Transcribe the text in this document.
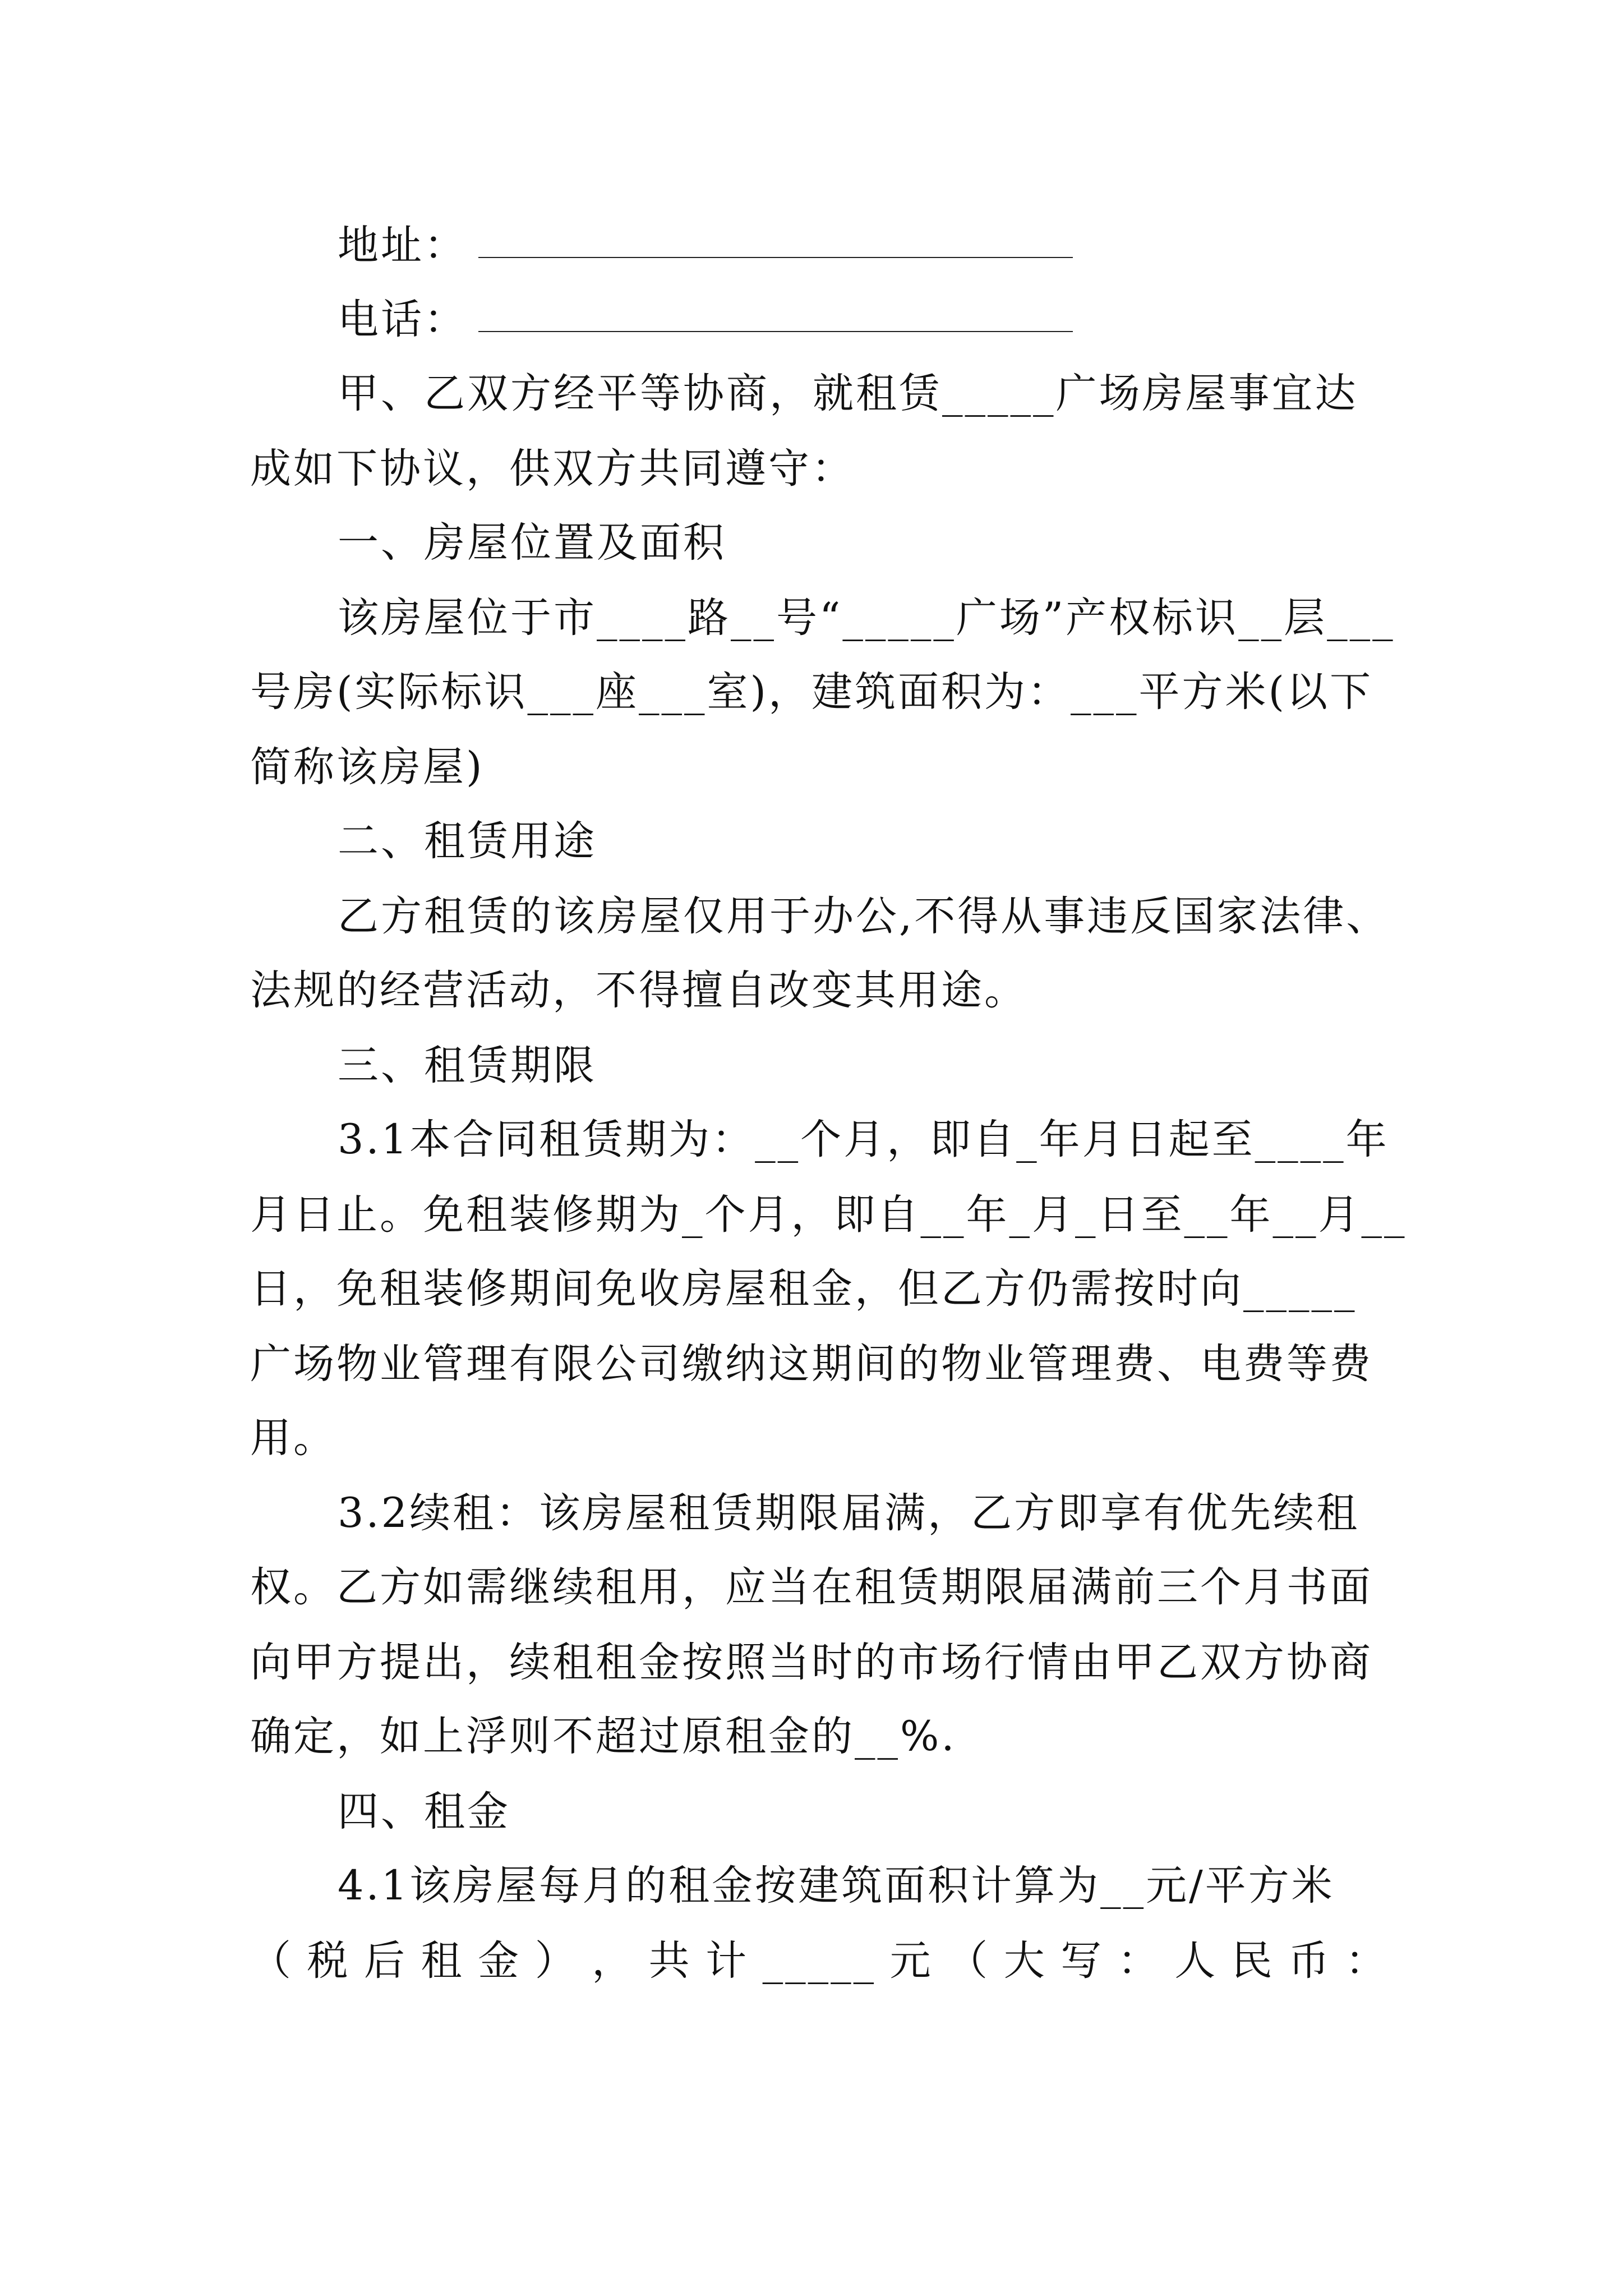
地址：
电话：
甲、乙双方经平等协商，就租赁_____广场房屋事宜达
成如下协议，供双方共同遵守：
一、房屋位置及面积
该房屋位于市____路__号“_____广场”产权标识__层___
号房(实际标识___座___室)，建筑面积为：___平方米(以下
简称该房屋)
二、租赁用途
乙方租赁的该房屋仅用于办公,不得从事违反国家法律、
法规的经营活动，不得擅自改变其用途。
三、租赁期限
3.1本合同租赁期为：__个月，即自_年月日起至____年
月日止。免租装修期为_个月，即自__年_月_日至__年__月__
日，免租装修期间免收房屋租金，但乙方仍需按时向_____
广场物业管理有限公司缴纳这期间的物业管理费、电费等费
用。
3.2续租：该房屋租赁期限届满，乙方即享有优先续租
权。乙方如需继续租用，应当在租赁期限届满前三个月书面
向甲方提出，续租租金按照当时的市场行情由甲乙双方协商
确定，如上浮则不超过原租金的__%.
四、租金
4.1该房屋每月的租金按建筑面积计算为__元/平方米
（ 税 后 租 金 ） ， 共 计 _____ 元 （ 大 写 ： 人 民 币 ：
